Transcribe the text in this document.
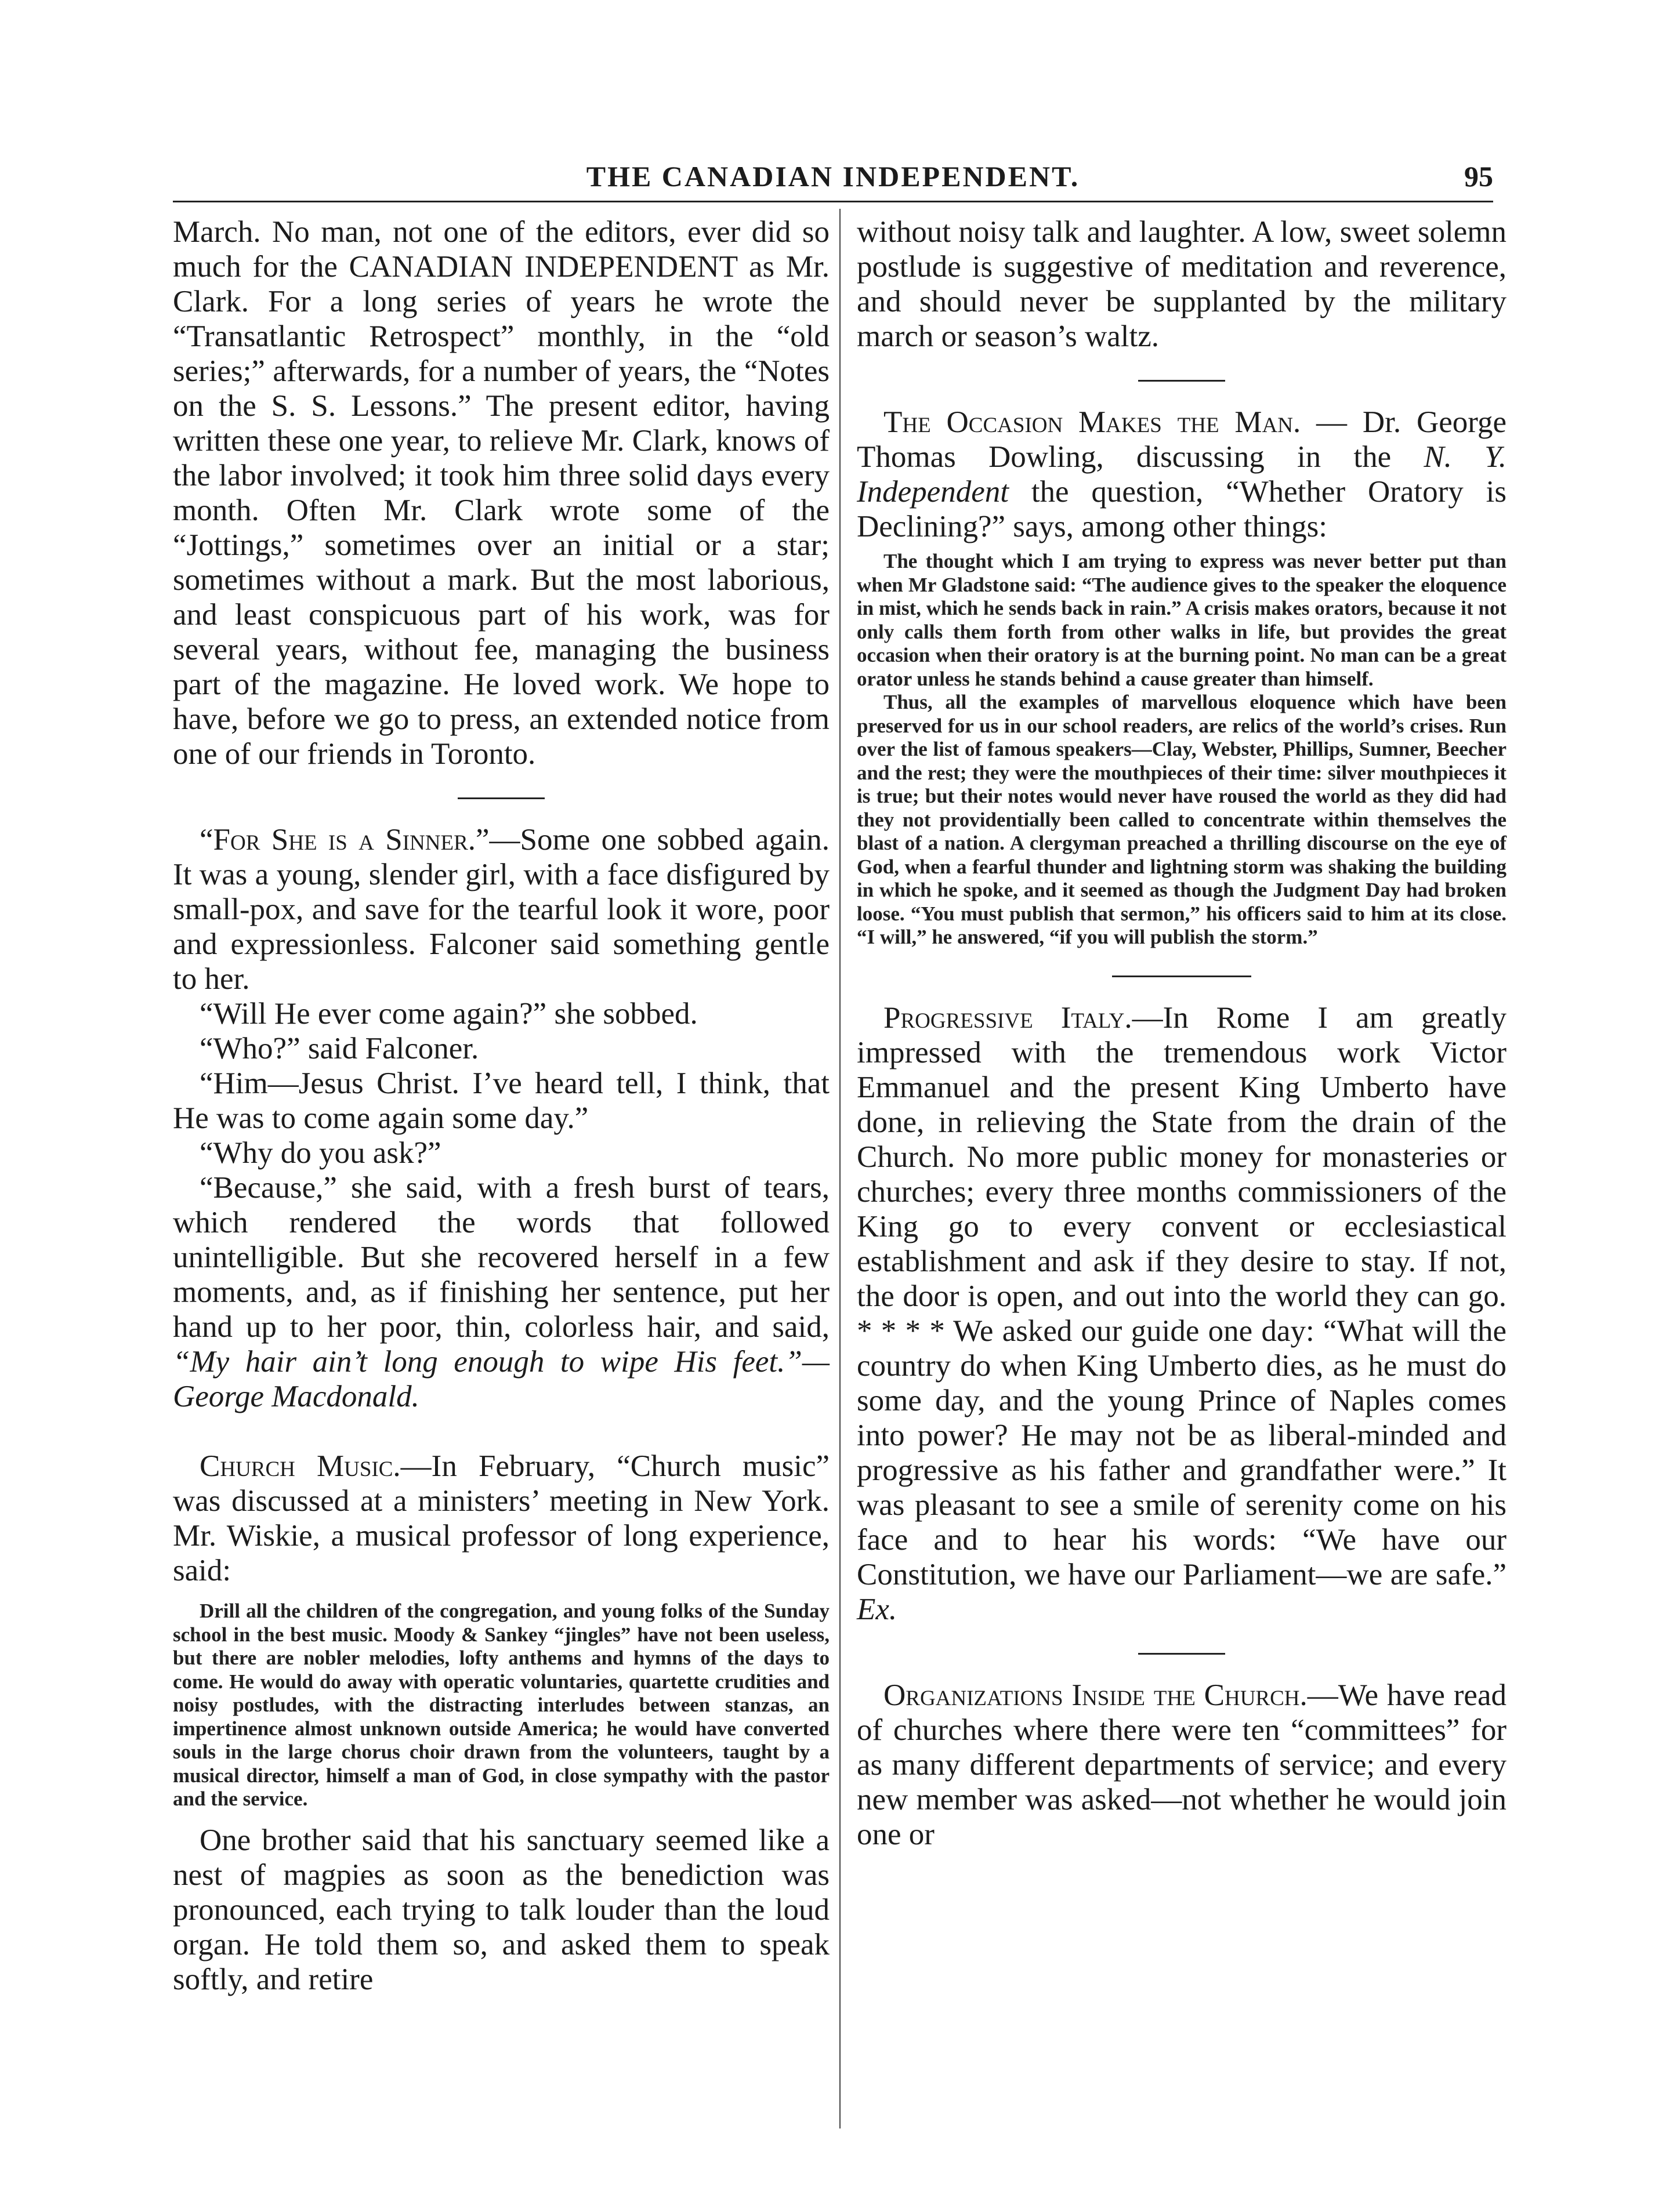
THE CANADIAN INDEPENDENT.	95

March. No man, not one of the editors, ever did so much for the CANADIAN INDEPENDENT as Mr. Clark. For a long series of years he wrote the “Transatlantic Retrospect” monthly, in the “old series;” afterwards, for a number of years, the “Notes on the S. S. Lessons.” The present editor, having written these one year, to relieve Mr. Clark, knows of the labor involved; it took him three solid days every month. Often Mr. Clark wrote some of the “Jottings,” sometimes over an initial or a star; sometimes without a mark. But the most laborious, and least conspicuous part of his work, was for several years, without fee, managing the business part of the magazine. He loved work. We hope to have, before we go to press, an extended notice from one of our friends in Toronto.

“For She is a Sinner.”—Some one sobbed again. It was a young, slender girl, with a face disfigured by small-pox, and save for the tearful look it wore, poor and expressionless. Falconer said something gentle to her.

“Will He ever come again?” she sobbed.

“Who?” said Falconer.

“Him—Jesus Christ. I’ve heard tell, I think, that He was to come again some day.”

“Why do you ask?”

“Because,” she said, with a fresh burst of tears, which rendered the words that followed unintelligible. But she recovered herself in a few moments, and, as if finishing her sentence, put her hand up to her poor, thin, colorless hair, and said, “My hair ain’t long enough to wipe His feet.”—George Macdonald.

Church Music.—In February, “Church music” was discussed at a ministers’ meeting in New York. Mr. Wiskie, a musical professor of long experience, said:

Drill all the children of the congregation, and young folks of the Sunday school in the best music. Moody & Sankey “jingles” have not been useless, but there are nobler melodies, lofty anthems and hymns of the days to come. He would do away with operatic voluntaries, quartette crudities and noisy postludes, with the distracting interludes between stanzas, an impertinence almost unknown outside America; he would have converted souls in the large chorus choir drawn from the volunteers, taught by a musical director, himself a man of God, in close sympathy with the pastor and the service.

One brother said that his sanctuary seemed like a nest of magpies as soon as the benediction was pronounced, each trying to talk louder than the loud organ. He told them so, and asked them to speak softly, and retire

without noisy talk and laughter. A low, sweet solemn postlude is suggestive of meditation and reverence, and should never be supplanted by the military march or season’s waltz.

The Occasion Makes the Man. — Dr. George Thomas Dowling, discussing in the N. Y. Independent the question, “Whether Oratory is Declining?” says, among other things:

The thought which I am trying to express was never better put than when Mr Gladstone said: “The audience gives to the speaker the eloquence in mist, which he sends back in rain.” A crisis makes orators, because it not only calls them forth from other walks in life, but provides the great occasion when their oratory is at the burning point. No man can be a great orator unless he stands behind a cause greater than himself.

Thus, all the examples of marvellous eloquence which have been preserved for us in our school readers, are relics of the world’s crises. Run over the list of famous speakers—Clay, Webster, Phillips, Sumner, Beecher and the rest; they were the mouthpieces of their time: silver mouthpieces it is true; but their notes would never have roused the world as they did had they not providentially been called to concentrate within themselves the blast of a nation. A clergyman preached a thrilling discourse on the eye of God, when a fearful thunder and lightning storm was shaking the building in which he spoke, and it seemed as though the Judgment Day had broken loose. “You must publish that sermon,” his officers said to him at its close. “I will,” he answered, “if you will publish the storm.”

Progressive Italy.—In Rome I am greatly impressed with the tremendous work Victor Emmanuel and the present King Umberto have done, in relieving the State from the drain of the Church. No more public money for monasteries or churches; every three months commissioners of the King go to every convent or ecclesiastical establishment and ask if they desire to stay. If not, the door is open, and out into the world they can go. * * * * We asked our guide one day: “What will the country do when King Umberto dies, as he must do some day, and the young Prince of Naples comes into power? He may not be as liberal-minded and progressive as his father and grandfather were.” It was pleasant to see a smile of serenity come on his face and to hear his words: “We have our Constitution, we have our Parliament—we are safe.” Ex.

Organizations Inside the Church.—We have read of churches where there were ten “committees” for as many different departments of service; and every new member was asked—not whether he would join one or
